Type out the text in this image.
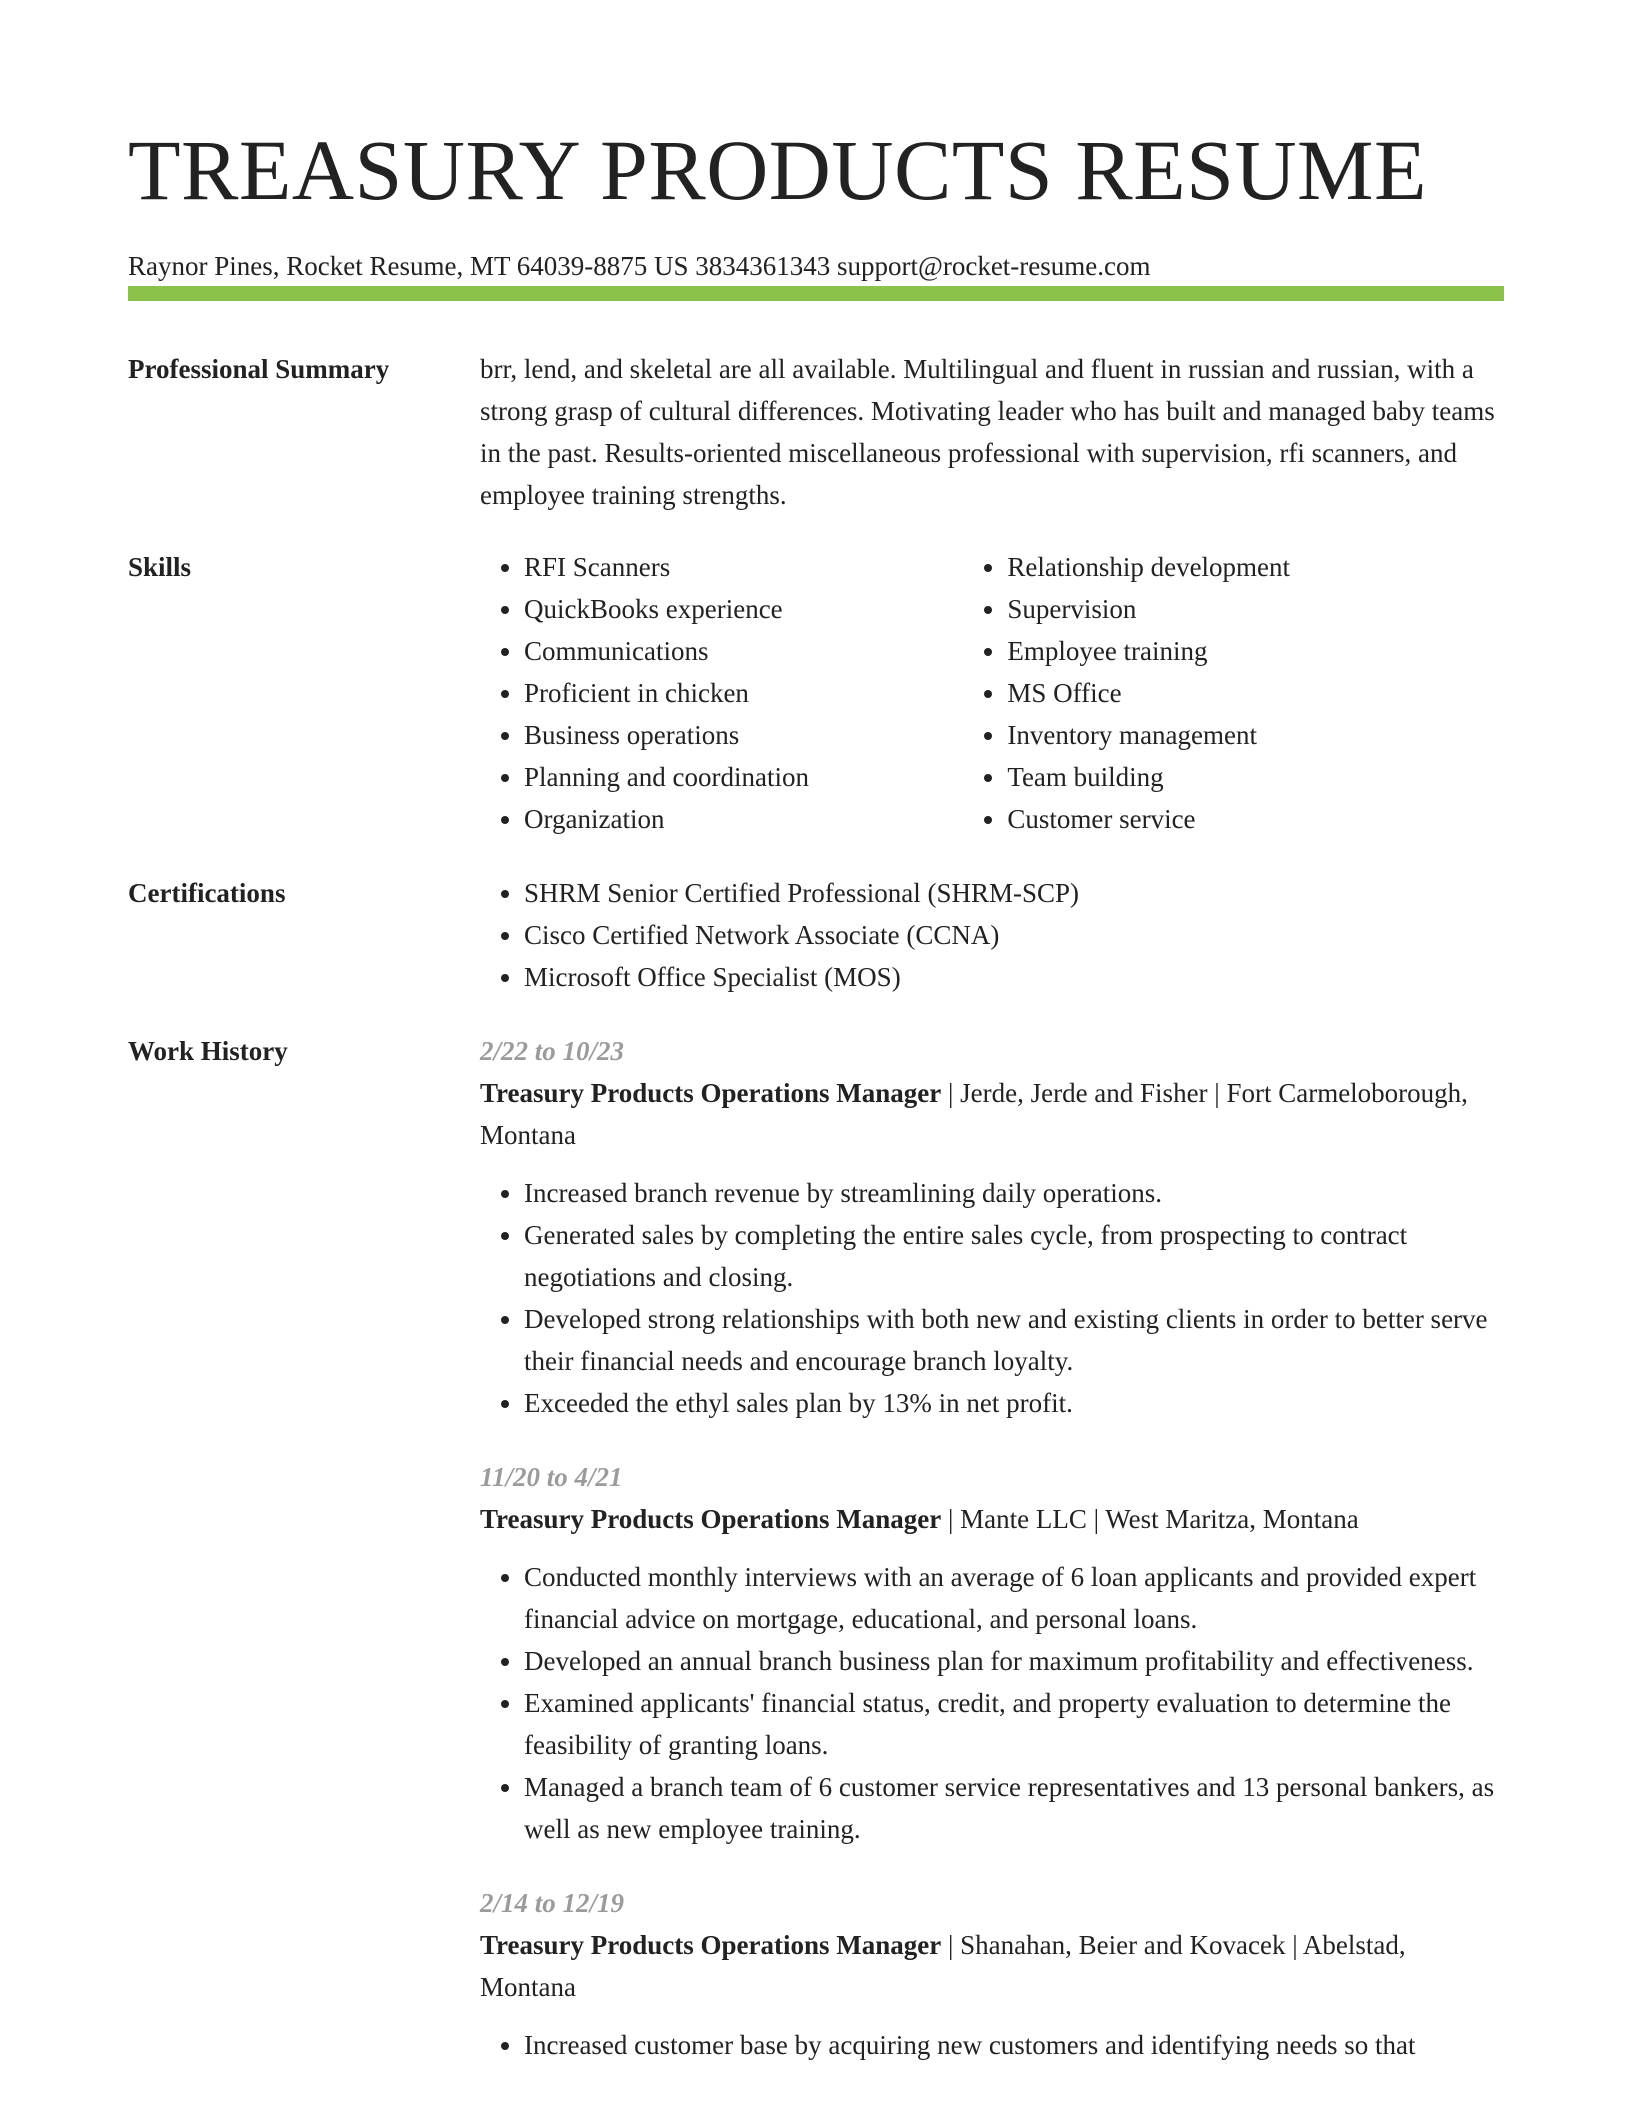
TREASURY PRODUCTS RESUME
Raynor Pines, Rocket Resume, MT 64039-8875 US 3834361343 support@rocket-resume.com
Professional Summary	brr, lend, and skeletal are all available. Multilingual and fluent in russian and russian, with a strong grasp of cultural differences. Motivating leader who has built and managed baby teams in the past. Results-oriented miscellaneous professional with supervision, rfi scanners, and employee training strengths.

Skills	• RFI Scanners
• QuickBooks experience
• Communications
• Proficient in chicken
• Business operations
• Planning and coordination
• Organization
• Relationship development
• Supervision
• Employee training
• MS Office
• Inventory management
• Team building
• Customer service
Certifications	• SHRM Senior Certified Professional (SHRM-SCP)
• Cisco Certified Network Associate (CCNA)
• Microsoft Office Specialist (MOS)
Work History	2/22 to 10/23
Treasury Products Operations Manager | Jerde, Jerde and Fisher | Fort Carmeloborough, Montana
• Increased branch revenue by streamlining daily operations.
• Generated sales by completing the entire sales cycle, from prospecting to contract negotiations and closing.
• Developed strong relationships with both new and existing clients in order to better serve their financial needs and encourage branch loyalty.
• Exceeded the ethyl sales plan by 13% in net profit.
11/20 to 4/21
Treasury Products Operations Manager | Mante LLC | West Maritza, Montana
• Conducted monthly interviews with an average of 6 loan applicants and provided expert financial advice on mortgage, educational, and personal loans.
• Developed an annual branch business plan for maximum profitability and effectiveness.
• Examined applicants' financial status, credit, and property evaluation to determine the feasibility of granting loans.
• Managed a branch team of 6 customer service representatives and 13 personal bankers, as well as new employee training.
2/14 to 12/19
Treasury Products Operations Manager | Shanahan, Beier and Kovacek | Abelstad, Montana
• Increased customer base by acquiring new customers and identifying needs so that
